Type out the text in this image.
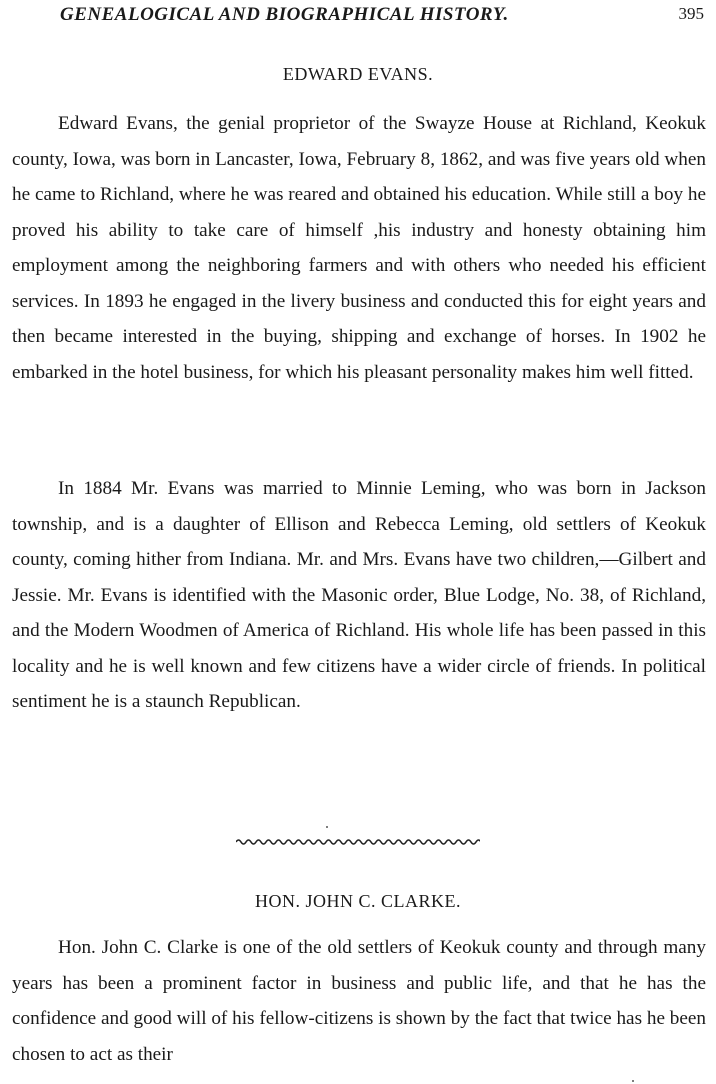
GENEALOGICAL AND BIOGRAPHICAL HISTORY.	395
EDWARD EVANS.

Edward Evans, the genial proprietor of the Swayze House at Richland, Keokuk county, Iowa, was born in Lancaster, Iowa, February 8, 1862, and was five years old when he came to Richland, where he was reared and obtained his education. While still a boy he proved his ability to take care of himself ,his industry and honesty obtaining him employment among the neighboring farmers and with others who needed his efficient services. In 1893 he engaged in the livery business and conducted this for eight years and then became interested in the buying, shipping and exchange of horses. In 1902 he embarked in the hotel business, for which his pleasant personality makes him well fitted.

In 1884 Mr. Evans was married to Minnie Leming, who was born in Jackson township, and is a daughter of Ellison and Rebecca Leming, old settlers of Keokuk county, coming hither from Indiana. Mr. and Mrs. Evans have two children,—Gilbert and Jessie. Mr. Evans is identified with the Masonic order, Blue Lodge, No. 38, of Richland, and the Modern Woodmen of America of Richland. His whole life has been passed in this locality and he is well known and few citizens have a wider circle of friends. In political sentiment he is a staunch Republican.

HON. JOHN C. CLARKE.

Hon. John C. Clarke is one of the old settlers of Keokuk county and through many years has been a prominent factor in business and public life, and that he has the confidence and good will of his fellow-citizens is shown by the fact that twice has he been chosen to act as their
